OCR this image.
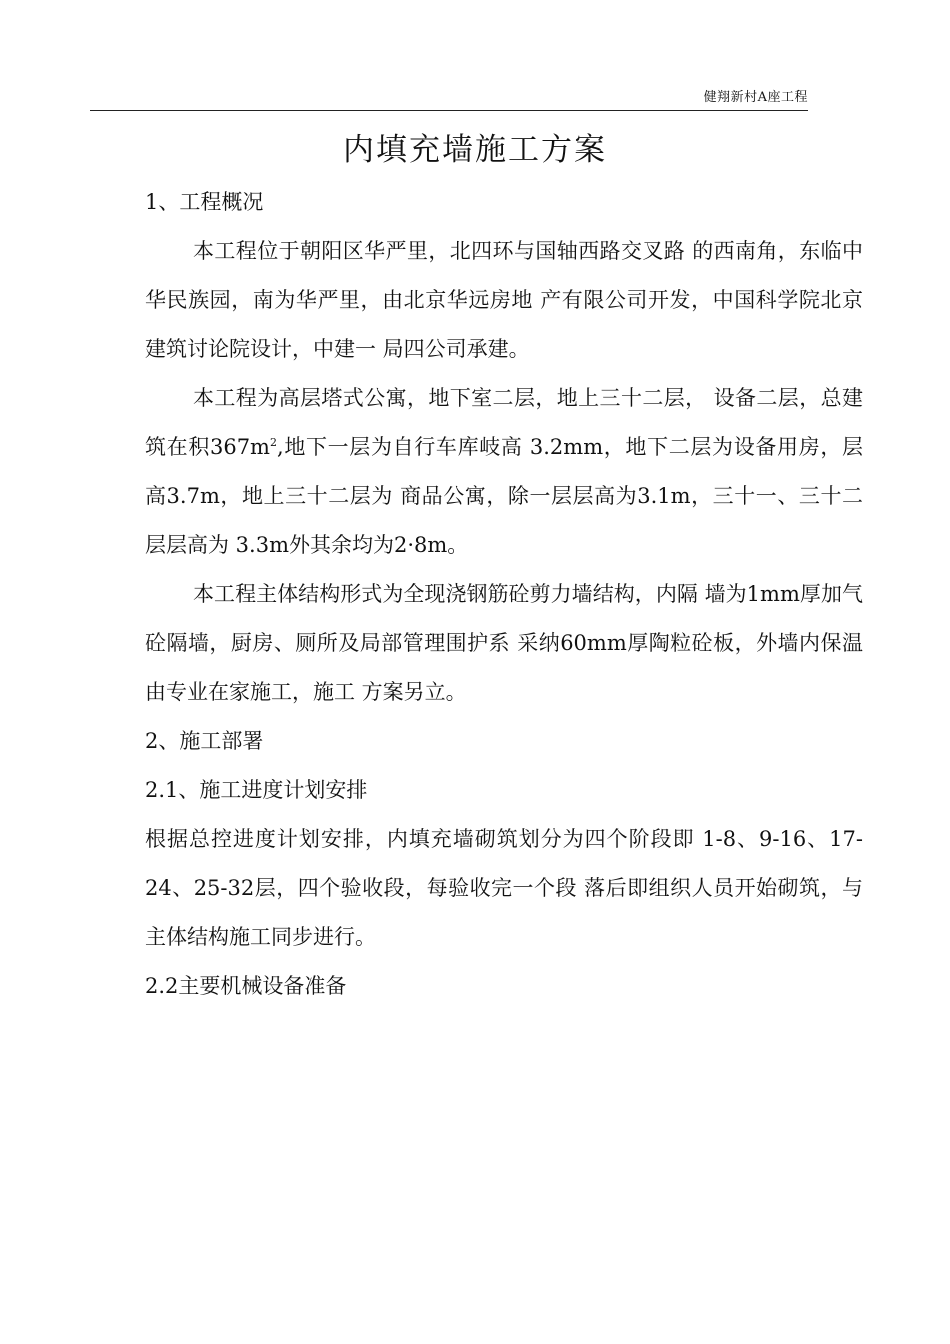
健翔新村A座工程
内填充墙施工方案

1、工程概况

本工程位于朝阳区华严里，北四环与国轴西路交叉路 的西南角，东临中华民族园，南为华严里，由北京华远房地 产有限公司开发，中国科学院北京建筑讨论院设计，中建一 局四公司承建。

本工程为高层塔式公寓，地下室二层，地上三十二层， 设备二层，总建筑在积$367m^2$,地下一层为自行车库岐高 3.2mm，地下二层为设备用房，层高3.7m，地上三十二层为 商品公寓，除一层层高为3.1m，三十一、三十二层层高为 3.3m外其余均为2·8m。

本工程主体结构形式为全现浇钢筋砼剪力墙结构，内隔 墙为1mm厚加气砼隔墙，厨房、厕所及局部管理围护系 采纳60mm厚陶粒砼板，外墙内保温由专业在家施工，施工 方案另立。

2、施工部署

2.1、施工进度计划安排

根据总控进度计划安排，内填充墙砌筑划分为四个阶段即 1-8、9-16、17-24、25-32层，四个验收段，每验收完一个段 落后即组织人员开始砌筑，与主体结构施工同步进行。

2.2主要机械设备准备
